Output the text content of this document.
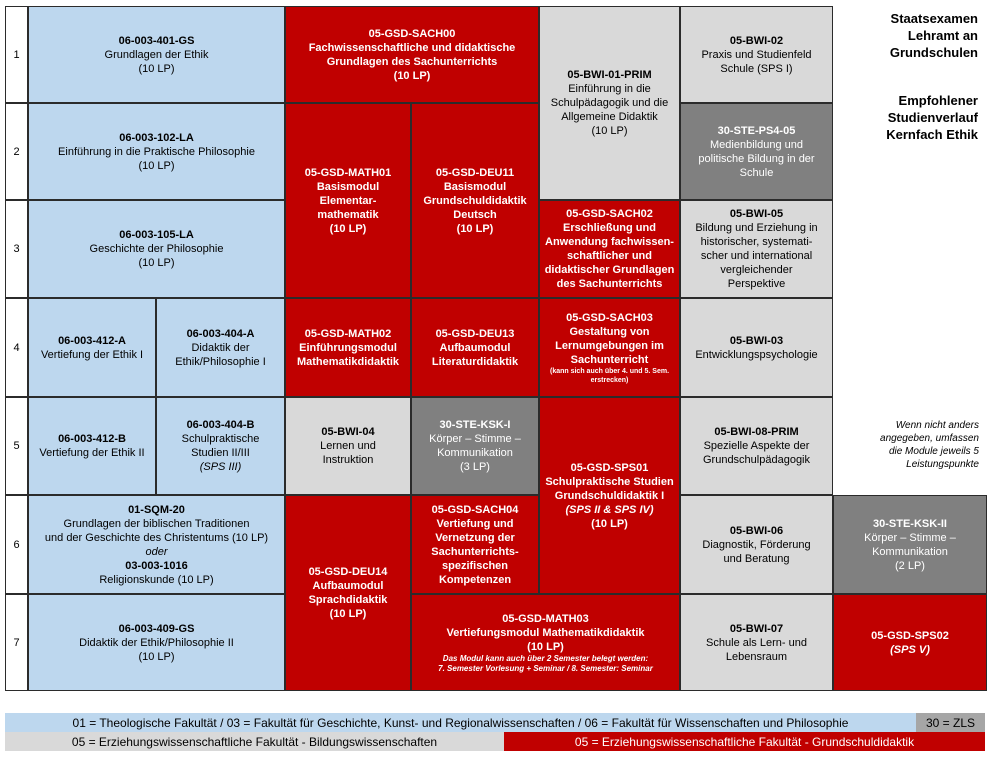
1
2
3
4
5
6
7
06-003-401-GS
Grundlagen der Ethik
(10 LP)
06-003-102-LA
Einführung in die Praktische Philosophie
(10 LP)
06-003-105-LA
Geschichte der Philosophie
(10 LP)
06-003-412-A
Vertiefung der Ethik I
06-003-404-A
Didaktik der
Ethik/Philosophie I
06-003-412-B
Vertiefung der Ethik II
06-003-404-B
Schulpraktische
Studien II/III
(SPS III)
01-SQM-20
Grundlagen der biblischen Traditionen
und der Geschichte des Christentums (10 LP)
oder
03-003-1016
Religionskunde (10 LP)
06-003-409-GS
Didaktik der Ethik/Philosophie II
(10 LP)
05-GSD-SACH00
Fachwissenschaftliche und didaktische
Grundlagen des Sachunterrichts
(10 LP)
05-GSD-MATH01
Basismodul
Elementar-
mathematik
(10 LP)
05-GSD-DEU11
Basismodul
Grundschuldidaktik
Deutsch
(10 LP)
05-GSD-MATH02
Einführungsmodul
Mathematikdidaktik
05-GSD-DEU13
Aufbaumodul
Literaturdidaktik
05-BWI-04
Lernen und
Instruktion
30-STE-KSK-I
Körper – Stimme –
Kommunikation
(3 LP)
05-GSD-DEU14
Aufbaumodul
Sprachdidaktik
(10 LP)
05-GSD-SACH04
Vertiefung und
Vernetzung der
Sachunterrichts-
spezifischen
Kompetenzen
05-BWI-01-PRIM
Einführung in die
Schulpädagogik und die
Allgemeine Didaktik
(10 LP)
05-GSD-SACH02
Erschließung und
Anwendung fachwissen-
schaftlicher und
didaktischer Grundlagen
des Sachunterrichts
05-GSD-SACH03
Gestaltung von
Lernumgebungen im
Sachunterricht
(kann sich auch über 4. und 5. Sem.
erstrecken)
05-GSD-SPS01
Schulpraktische Studien
Grundschuldidaktik I
(SPS II & SPS IV)
(10 LP)
05-GSD-MATH03
Vertiefungsmodul Mathematikdidaktik
(10 LP)
Das Modul kann auch über 2 Semester belegt werden:
7. Semester Vorlesung + Seminar / 8. Semester: Seminar
05-BWI-02
Praxis und Studienfeld
Schule (SPS I)
30-STE-PS4-05
Medienbildung und
politische Bildung in der
Schule
05-BWI-05
Bildung und Erziehung in
historischer, systemati-
scher und international
vergleichender
Perspektive
05-BWI-03
Entwicklungspsychologie
05-BWI-08-PRIM
Spezielle Aspekte der
Grundschulpädagogik
05-BWI-06
Diagnostik, Förderung
und Beratung
05-BWI-07
Schule als Lern- und
Lebensraum
30-STE-KSK-II
Körper – Stimme –
Kommunikation
(2 LP)
05-GSD-SPS02
(SPS V)
Staatsexamen
Lehramt an
Grundschulen
Empfohlener
Studienverlauf
Kernfach Ethik
Wenn nicht anders
angegeben, umfassen
die Module jeweils 5
Leistungspunkte
01 = Theologische Fakultät / 03 = Fakultät für Geschichte, Kunst- und Regionalwissenschaften / 06 = Fakultät für Wissenschaften und Philosophie	30 = ZLS
05 = Erziehungswissenschaftliche Fakultät - Bildungswissenschaften	05 = Erziehungswissenschaftliche Fakultät - Grundschuldidaktik
